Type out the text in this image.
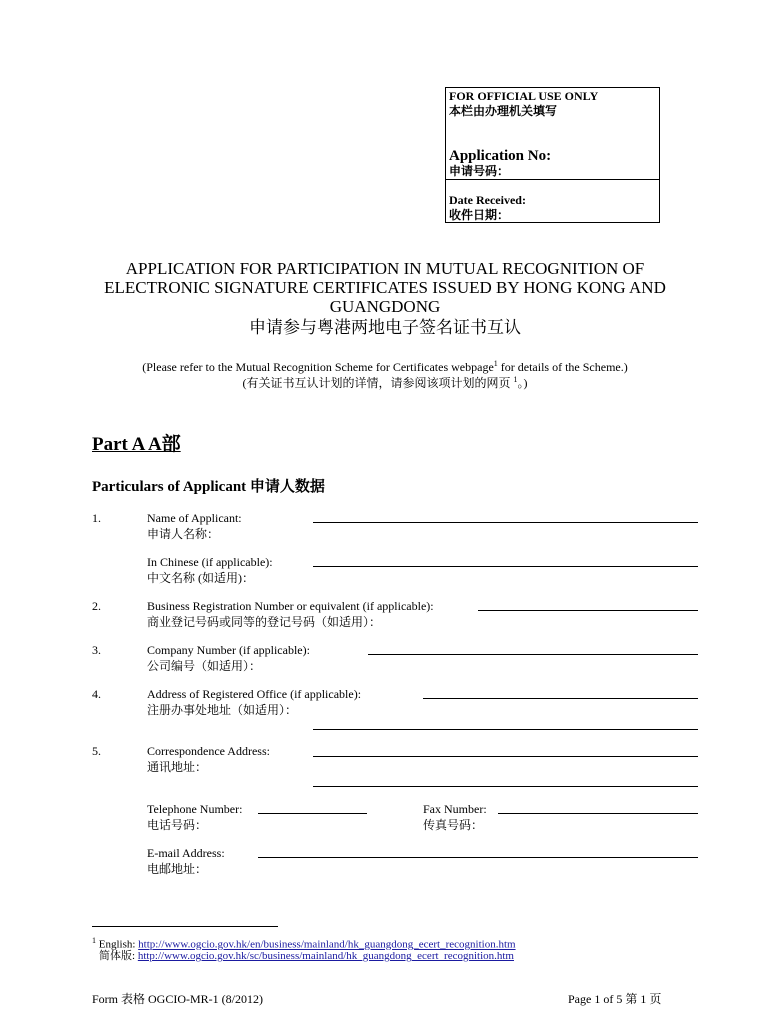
FOR OFFICIAL USE ONLY
本栏由办理机关填写
Application No:
申请号码：
Date Received:
收件日期：
APPLICATION FOR PARTICIPATION IN MUTUAL RECOGNITION OF
ELECTRONIC SIGNATURE CERTIFICATES ISSUED BY HONG KONG AND
GUANGDONG
申请参与粤港两地电子签名证书互认
(Please refer to the Mutual Recognition Scheme for Certificates webpage$^1$ for details of the Scheme.)
(有关证书互认计划的详情，请参阅该项计划的网页 $^1$。)
Part A A部
Particulars of Applicant 申请人数据
1.	Name of Applicant:
申请人名称：
In Chinese (if applicable):
中文名称 (如适用)：
2.	Business Registration Number or equivalent (if applicable):
商业登记号码或同等的登记号码（如适用）：
3.	Company Number (if applicable):
公司编号（如适用）：
4.	Address of Registered Office (if applicable):
注册办事处地址（如适用）：
5.	Correspondence Address:
通讯地址：
Telephone Number:
电话号码：
Fax Number:
传真号码：
E-mail Address:
电邮地址：
$^1$ English: http://www.ogcio.gov.hk/en/business/mainland/hk_guangdong_ecert_recognition.htm
简体版: http://www.ogcio.gov.hk/sc/business/mainland/hk_guangdong_ecert_recognition.htm
Form 表格 OGCIO-MR-1 (8/2012)	Page 1 of 5 第 1 页
